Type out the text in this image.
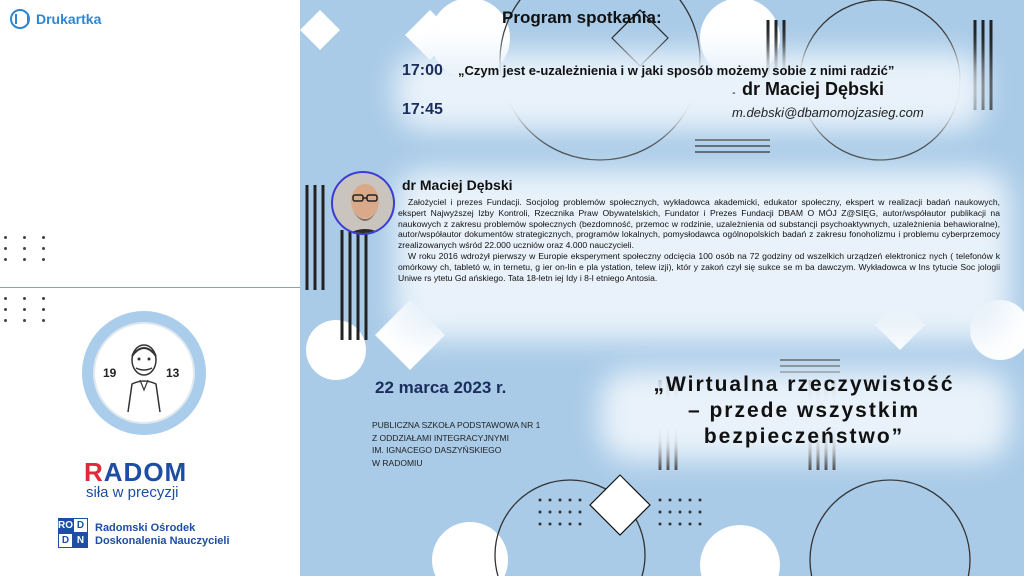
Drukartka
19	13
RADOM
siła w precyzji
RO D
D N
Radomski Ośrodek
Doskonalenia Nauczycieli
Program spotkania:
17:00 „Czym jest e-uzależnienia i w jaki sposób możemy sobie z nimi radzić”
- dr Maciej Dębski
17:45	m.debski@dbamomojzasieg.com
dr Maciej Dębski

Założyciel i prezes Fundacji. Socjolog problemów społecznych, wykładowca akademicki, edukator społeczny, ekspert w realizacji badań naukowych, ekspert Najwyższej Izby Kontroli, Rzecznika Praw Obywatelskich, Fundator i Prezes Fundacji DBAM O MÓJ Z@SIĘG, autor/współautor publikacji na naukowych z zakresu problemów społecznych (bezdomność, przemoc w rodzinie, uzależnienia od substancji psychoaktywnych, uzależnienia behawioralne), autor/współautor dokumentów strategicznych, programów lokalnych, pomysłodawca ogólnopolskich badań z zakresu fonoholizmu i problemu cyberprzemocy zrealizowanych wśród 22.000 uczniów oraz 4.000 nauczycieli.

W roku 2016 wdrożył pierwszy w Europie eksperyment społeczny odcięcia 100 osób na 72 godziny od wszelkich urządzeń elektronicz nych ( telefonów k omórkowy ch, tabletó w, in ternetu, g ier on-lin e pla ystation, telew izji), któr y zakoń czył się sukce se m ba dawczym. Wykładowca w Ins tytucie Soc jologii Uniwe rs ytetu Gd ańskiego. Tata 18-letn iej Idy i 8-l etniego Antosia.

22 marca 2023 r.
PUBLICZNA SZKOŁA PODSTAWOWA NR 1
Z ODDZIAŁAMI INTEGRACYJNYMI
IM. IGNACEGO DASZYŃSKIEGO
W RADOMIU
„Wirtualna rzeczywistość
– przede wszystkim
bezpieczeństwo”
